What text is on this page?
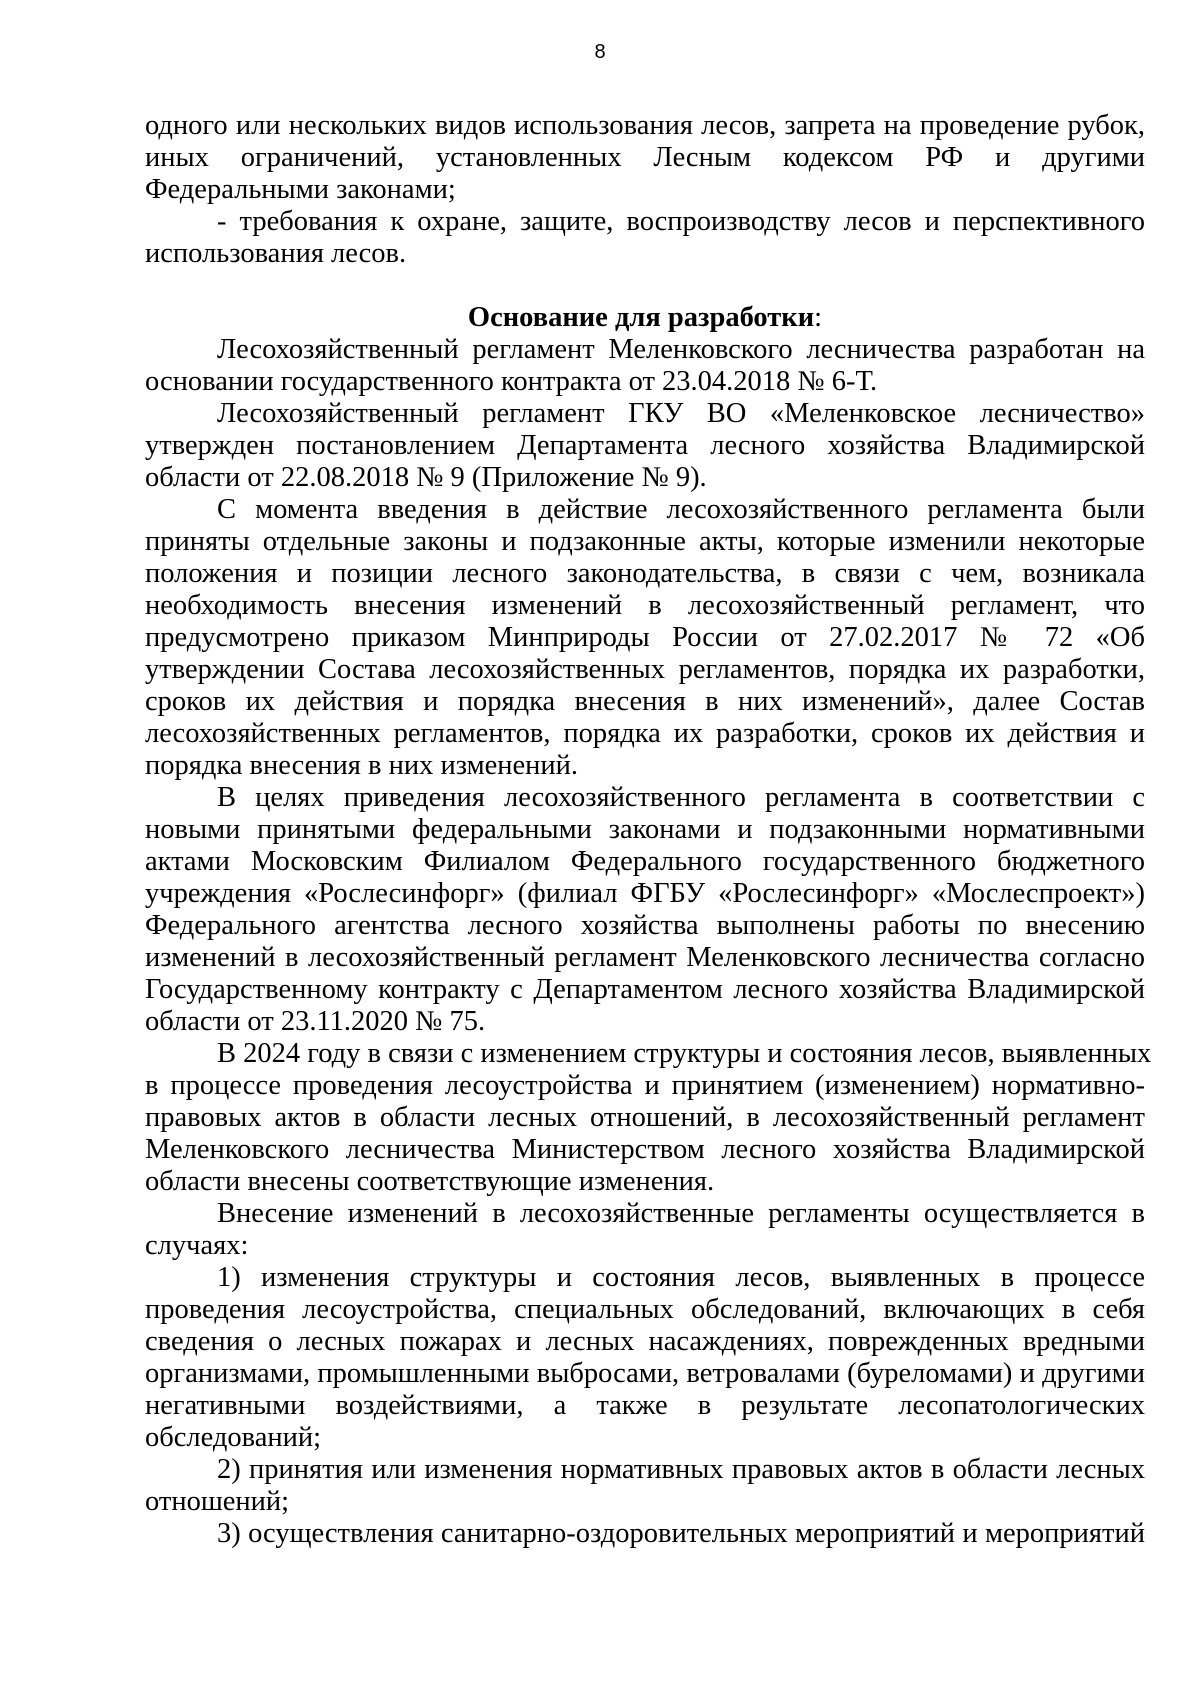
8
одного или нескольких видов использования лесов, запрета на проведение рубок,
иных ограничений, установленных Лесным кодексом РФ и другими
Федеральными законами;
- требования к охране, защите, воспроизводству лесов и перспективного
использования лесов.
Основание для разработки:
Лесохозяйственный регламент Меленковского лесничества разработан на
основании государственного контракта от 23.04.2018 № 6-Т.
Лесохозяйственный регламент ГКУ ВО «Меленковское лесничество»
утвержден постановлением Департамента лесного хозяйства Владимирской
области от 22.08.2018 № 9 (Приложение № 9).
С момента введения в действие лесохозяйственного регламента были
приняты отдельные законы и подзаконные акты, которые изменили некоторые
положения и позиции лесного законодательства, в связи с чем, возникала
необходимость внесения изменений в лесохозяйственный регламент, что
предусмотрено приказом Минприроды России от 27.02.2017 № 72 «Об
утверждении Состава лесохозяйственных регламентов, порядка их разработки,
сроков их действия и порядка внесения в них изменений», далее Состав
лесохозяйственных регламентов, порядка их разработки, сроков их действия и
порядка внесения в них изменений.
В целях приведения лесохозяйственного регламента в соответствии с
новыми принятыми федеральными законами и подзаконными нормативными
актами Московским Филиалом Федерального государственного бюджетного
учреждения «Рослесинфорг» (филиал ФГБУ «Рослесинфорг» «Мослеспроект»)
Федерального агентства лесного хозяйства выполнены работы по внесению
изменений в лесохозяйственный регламент Меленковского лесничества согласно
Государственному контракту с Департаментом лесного хозяйства Владимирской
области от 23.11.2020 № 75.
В 2024 году в связи с изменением структуры и состояния лесов, выявленных
в процессе проведения лесоустройства и принятием (изменением) нормативно-
правовых актов в области лесных отношений, в лесохозяйственный регламент
Меленковского лесничества Министерством лесного хозяйства Владимирской
области внесены соответствующие изменения.
Внесение изменений в лесохозяйственные регламенты осуществляется в
случаях:
1) изменения структуры и состояния лесов, выявленных в процессе
проведения лесоустройства, специальных обследований, включающих в себя
сведения о лесных пожарах и лесных насаждениях, поврежденных вредными
организмами, промышленными выбросами, ветровалами (буреломами) и другими
негативными воздействиями, а также в результате лесопатологических
обследований;
2) принятия или изменения нормативных правовых актов в области лесных
отношений;
3) осуществления санитарно-оздоровительных мероприятий и мероприятий
